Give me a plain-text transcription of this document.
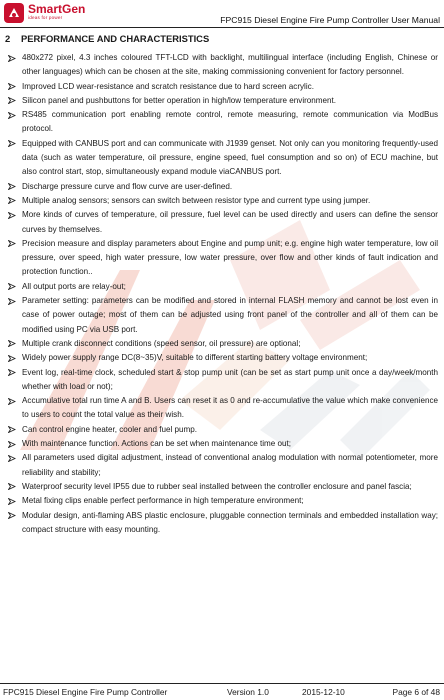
SmartGen
ideas for power	FPC915 Diesel Engine Fire Pump Controller User Manual
2 PERFORMANCE AND CHARACTERISTICS
480x272 pixel, 4.3 inches coloured TFT-LCD with backlight, multilingual interface (including English, Chinese or other languages) which can be chosen at the site, making commissioning convenient for factory personnel.
Improved LCD wear-resistance and scratch resistance due to hard screen acrylic.
Silicon panel and pushbuttons for better operation in high/low temperature environment.
RS485 communication port enabling remote control, remote measuring, remote communication via ModBus protocol.
Equipped with CANBUS port and can communicate with J1939 genset. Not only can you monitoring frequently-used data (such as water temperature, oil pressure, engine speed, fuel consumption and so on) of ECU machine, but also control start, stop, simultaneously expand module viaCANBUS port.
Discharge pressure curve and flow curve are user-defined.
Multiple analog sensors; sensors can switch between resistor type and current type using jumper.
More kinds of curves of temperature, oil pressure, fuel level can be used directly and users can define the sensor curves by themselves.
Precision measure and display parameters about Engine and pump unit; e.g. engine high water temperature, low oil pressure, over speed, high water pressure, low water pressure, over flow and other kinds of fault indication and protection function..
All output ports are relay-out;
Parameter setting: parameters can be modified and stored in internal FLASH memory and cannot be lost even in case of power outage; most of them can be adjusted using front panel of the controller and all of them can be modified using PC via USB port.
Multiple crank disconnect conditions (speed sensor, oil pressure) are optional;
Widely power supply range DC(8~35)V, suitable to different starting battery voltage environment;
Event log, real-time clock, scheduled start & stop pump unit (can be set as start pump unit once a day/week/month whether with load or not);
Accumulative total run time A and B. Users can reset it as 0 and re-accumulative the value which make convenience to users to count the total value as their wish.
Can control engine heater, cooler and fuel pump.
With maintenance function. Actions can be set when maintenance time out;
All parameters used digital adjustment, instead of conventional analog modulation with normal potentiometer, more reliability and stability;
Waterproof security level IP55 due to rubber seal installed between the controller enclosure and panel fascia;
Metal fixing clips enable perfect performance in high temperature environment;
Modular design, anti-flaming ABS plastic enclosure, pluggable connection terminals and embedded installation way; compact structure with easy mounting.
FPC915 Diesel Engine Fire Pump Controller	Version 1.0	2015-12-10	Page 6 of 48
